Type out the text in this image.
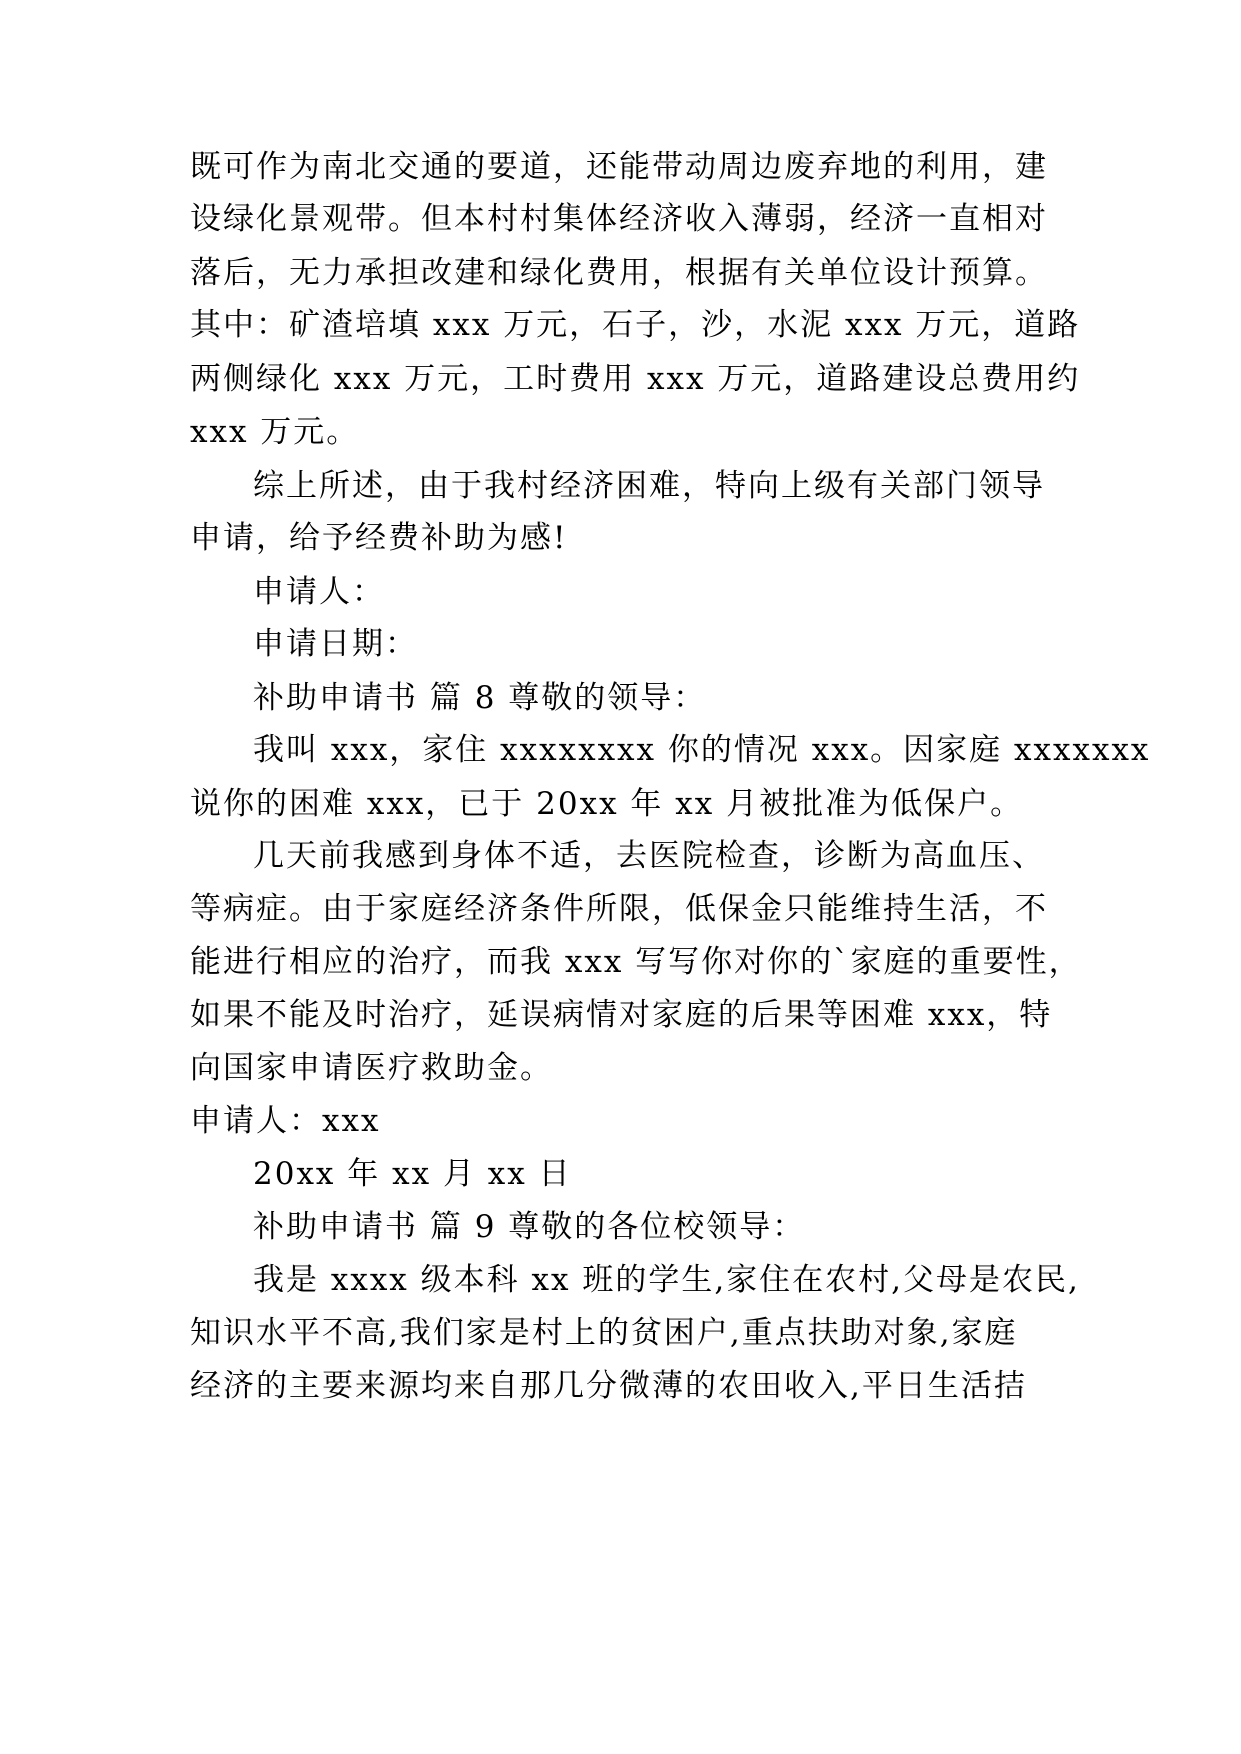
既可作为南北交通的要道，还能带动周边废弃地的利用，建
设绿化景观带。但本村村集体经济收入薄弱，经济一直相对
落后，无力承担改建和绿化费用，根据有关单位设计预算。
其中：矿渣培填 xxx 万元，石子，沙，水泥 xxx 万元，道路
两侧绿化 xxx 万元，工时费用 xxx 万元，道路建设总费用约
xxx 万元。
综上所述，由于我村经济困难，特向上级有关部门领导
申请，给予经费补助为感!
申请人：
申请日期：
补助申请书 篇 8 尊敬的领导：
我叫 xxx，家住 xxxxxxxx 你的情况 xxx。因家庭 xxxxxxx
说你的困难 xxx，已于 20xx 年 xx 月被批准为低保户。
几天前我感到身体不适，去医院检查，诊断为高血压、
等病症。由于家庭经济条件所限，低保金只能维持生活，不
能进行相应的治疗，而我 xxx 写写你对你的`家庭的重要性，
如果不能及时治疗，延误病情对家庭的后果等困难 xxx，特
向国家申请医疗救助金。
申请人：xxx
20xx 年 xx 月 xx 日
补助申请书 篇 9 尊敬的各位校领导：
我是 xxxx 级本科 xx 班的学生,家住在农村,父母是农民,
知识水平不高,我们家是村上的贫困户,重点扶助对象,家庭
经济的主要来源均来自那几分微薄的农田收入,平日生活拮
